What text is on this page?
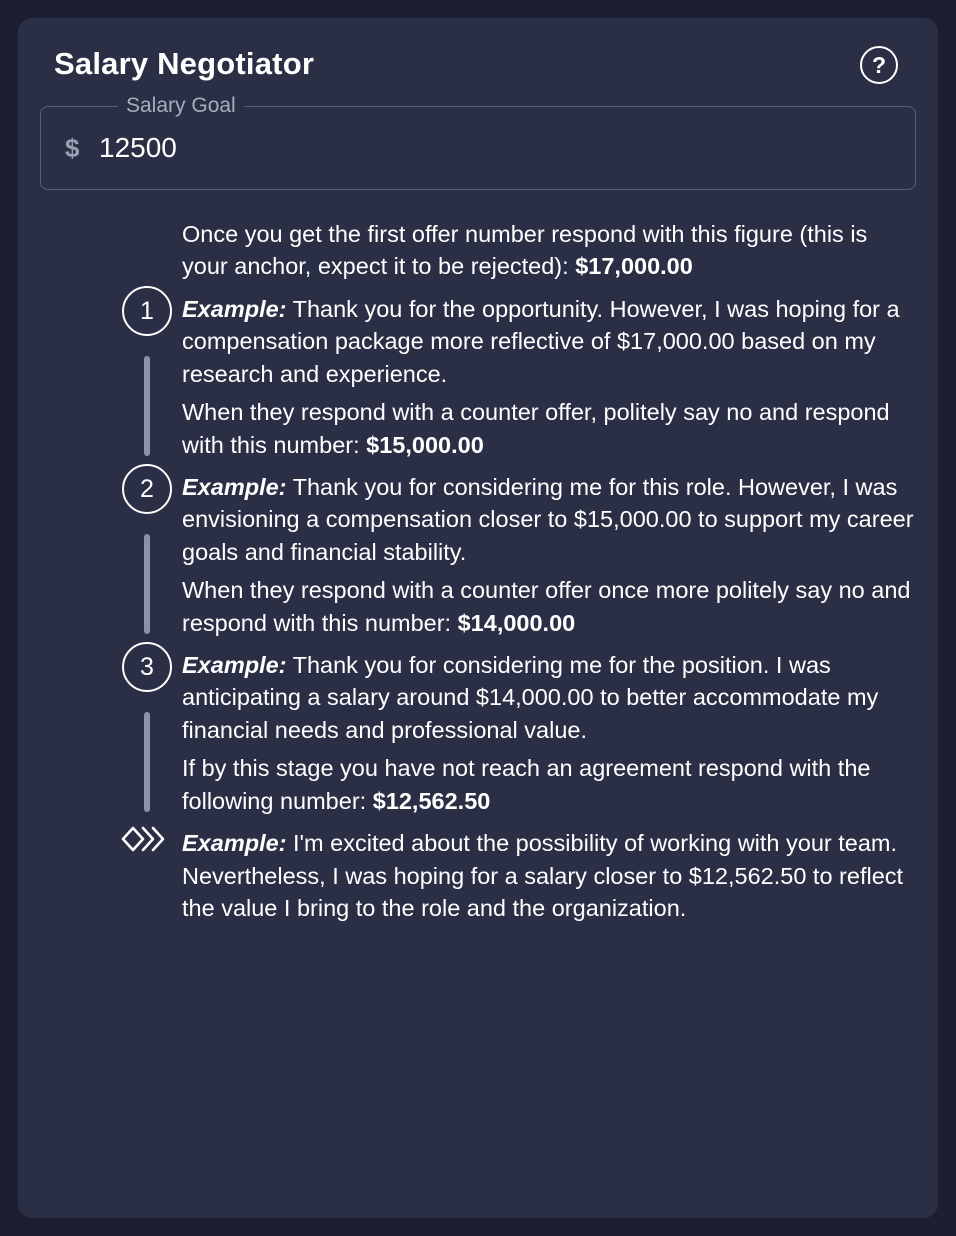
Salary Negotiator	?
$
12500
Salary Goal
1

Once you get the first offer number respond with this figure (this is your anchor, expect it to be rejected): $17,000.00

Example: Thank you for the opportunity. However, I was hoping for a compensation package more reflective of $17,000.00 based on my research and experience.

2

When they respond with a counter offer, politely say no and respond with this number: $15,000.00

Example: Thank you for considering me for this role. However, I was envisioning a compensation closer to $15,000.00 to support my career goals and financial stability.

3

When they respond with a counter offer once more politely say no and respond with this number: $14,000.00

Example: Thank you for considering me for the position. I was anticipating a salary around $14,000.00 to better accommodate my financial needs and professional value.

If by this stage you have not reach an agreement respond with the following number: $12,562.50

Example: I'm excited about the possibility of working with your team. Nevertheless, I was hoping for a salary closer to $12,562.50 to reflect the value I bring to the role and the organization.
